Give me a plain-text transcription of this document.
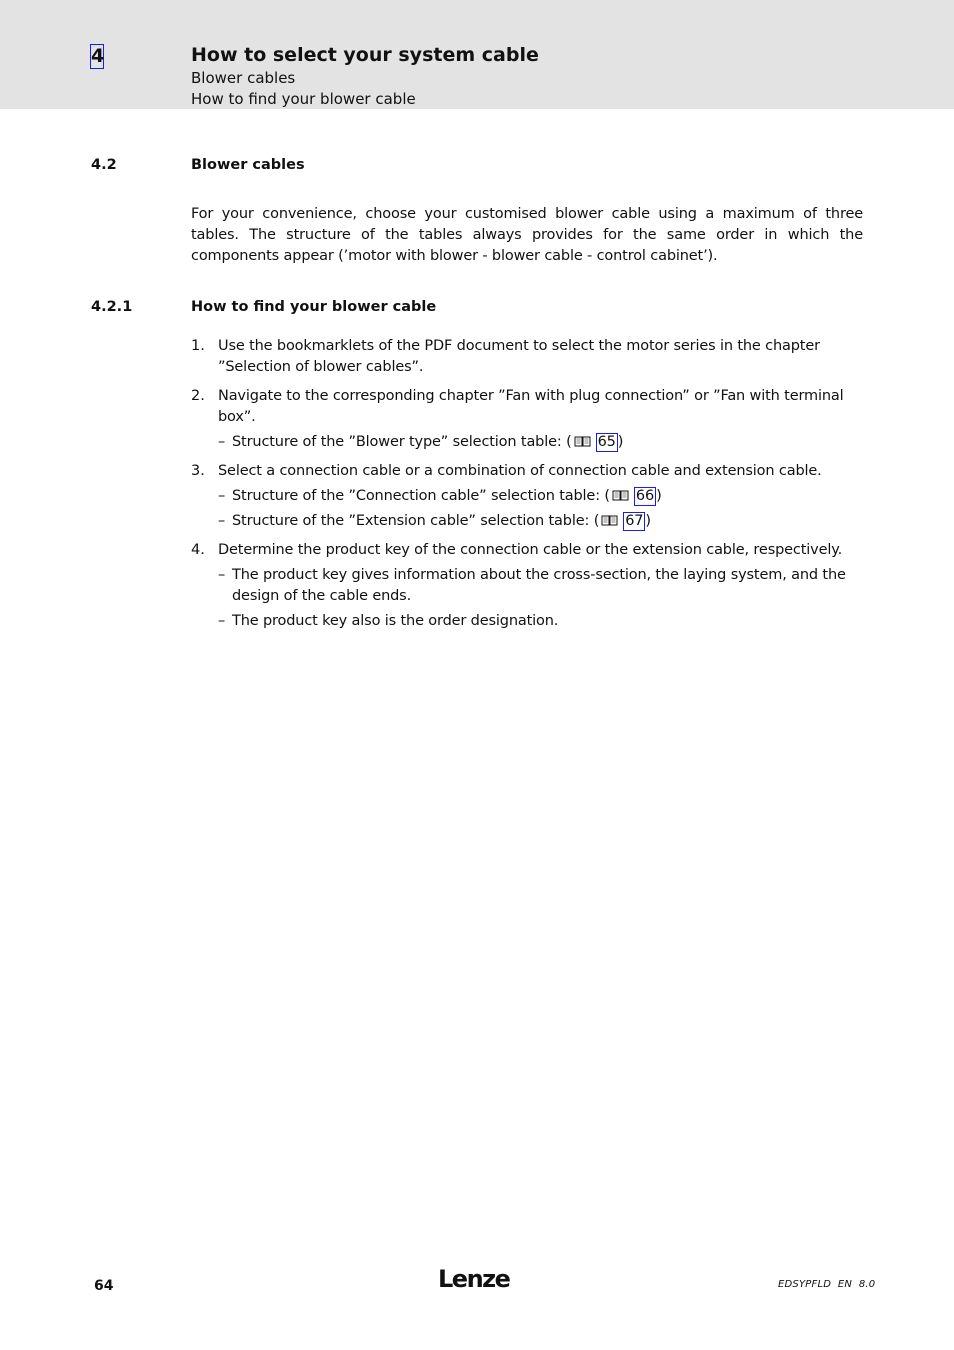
4	How to select your system cable
Blower cables
How to find your blower cable
4.2	Blower cables

For your convenience, choose your customised blower cable using a maximum of three tables. The structure of the tables always provides for the same order in which the components appear (’motor with blower - blower cable - control cabinet’).

4.2.1	How to find your blower cable
1. Use the bookmarklets of the PDF document to select the motor series in the chapter ”Selection of blower cables”.
2. Navigate to the corresponding chapter ”Fan with plug connection” or ”Fan with terminal box”.
– Structure of the ”Blower type” selection table: ( 65 )
3. Select a connection cable or a combination of connection cable and extension cable.
– Structure of the ”Connection cable” selection table: ( 66 )
– Structure of the ”Extension cable” selection table: ( 67 )
4. Determine the product key of the connection cable or the extension cable, respectively.
– The product key gives information about the cross-section, the laying system, and the design of the cable ends.
– The product key also is the order designation.
64	Lenze	EDSYPFLD  EN  8.0
